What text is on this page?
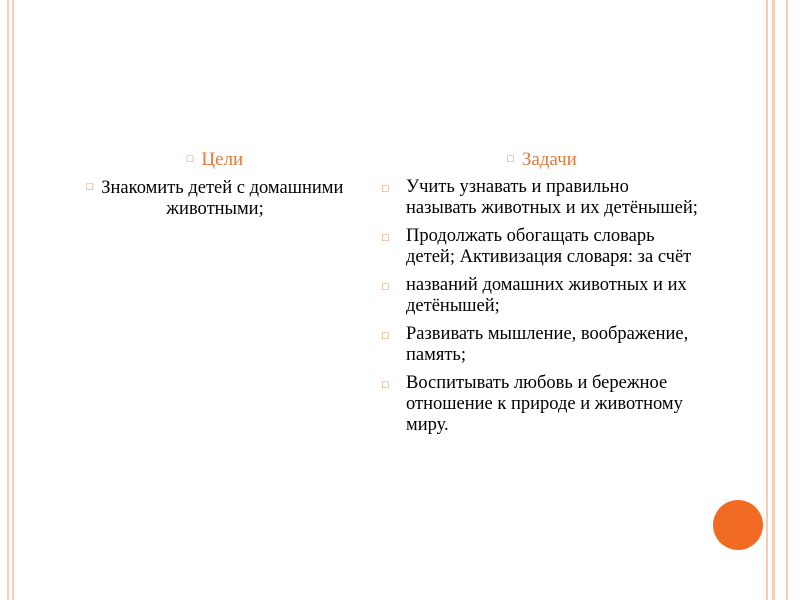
□ Цели
□ Знакомить детей с домашними животными;
□ Задачи
□ Учить узнавать и правильно называть животных и их детёнышей;
□ Продолжать обогащать словарь детей; Активизация словаря: за счёт
□ названий домашних животных и их детёнышей;
□ Развивать мышление, воображение, память;
□ Воспитывать любовь и бережное отношение к природе и животному миру.
